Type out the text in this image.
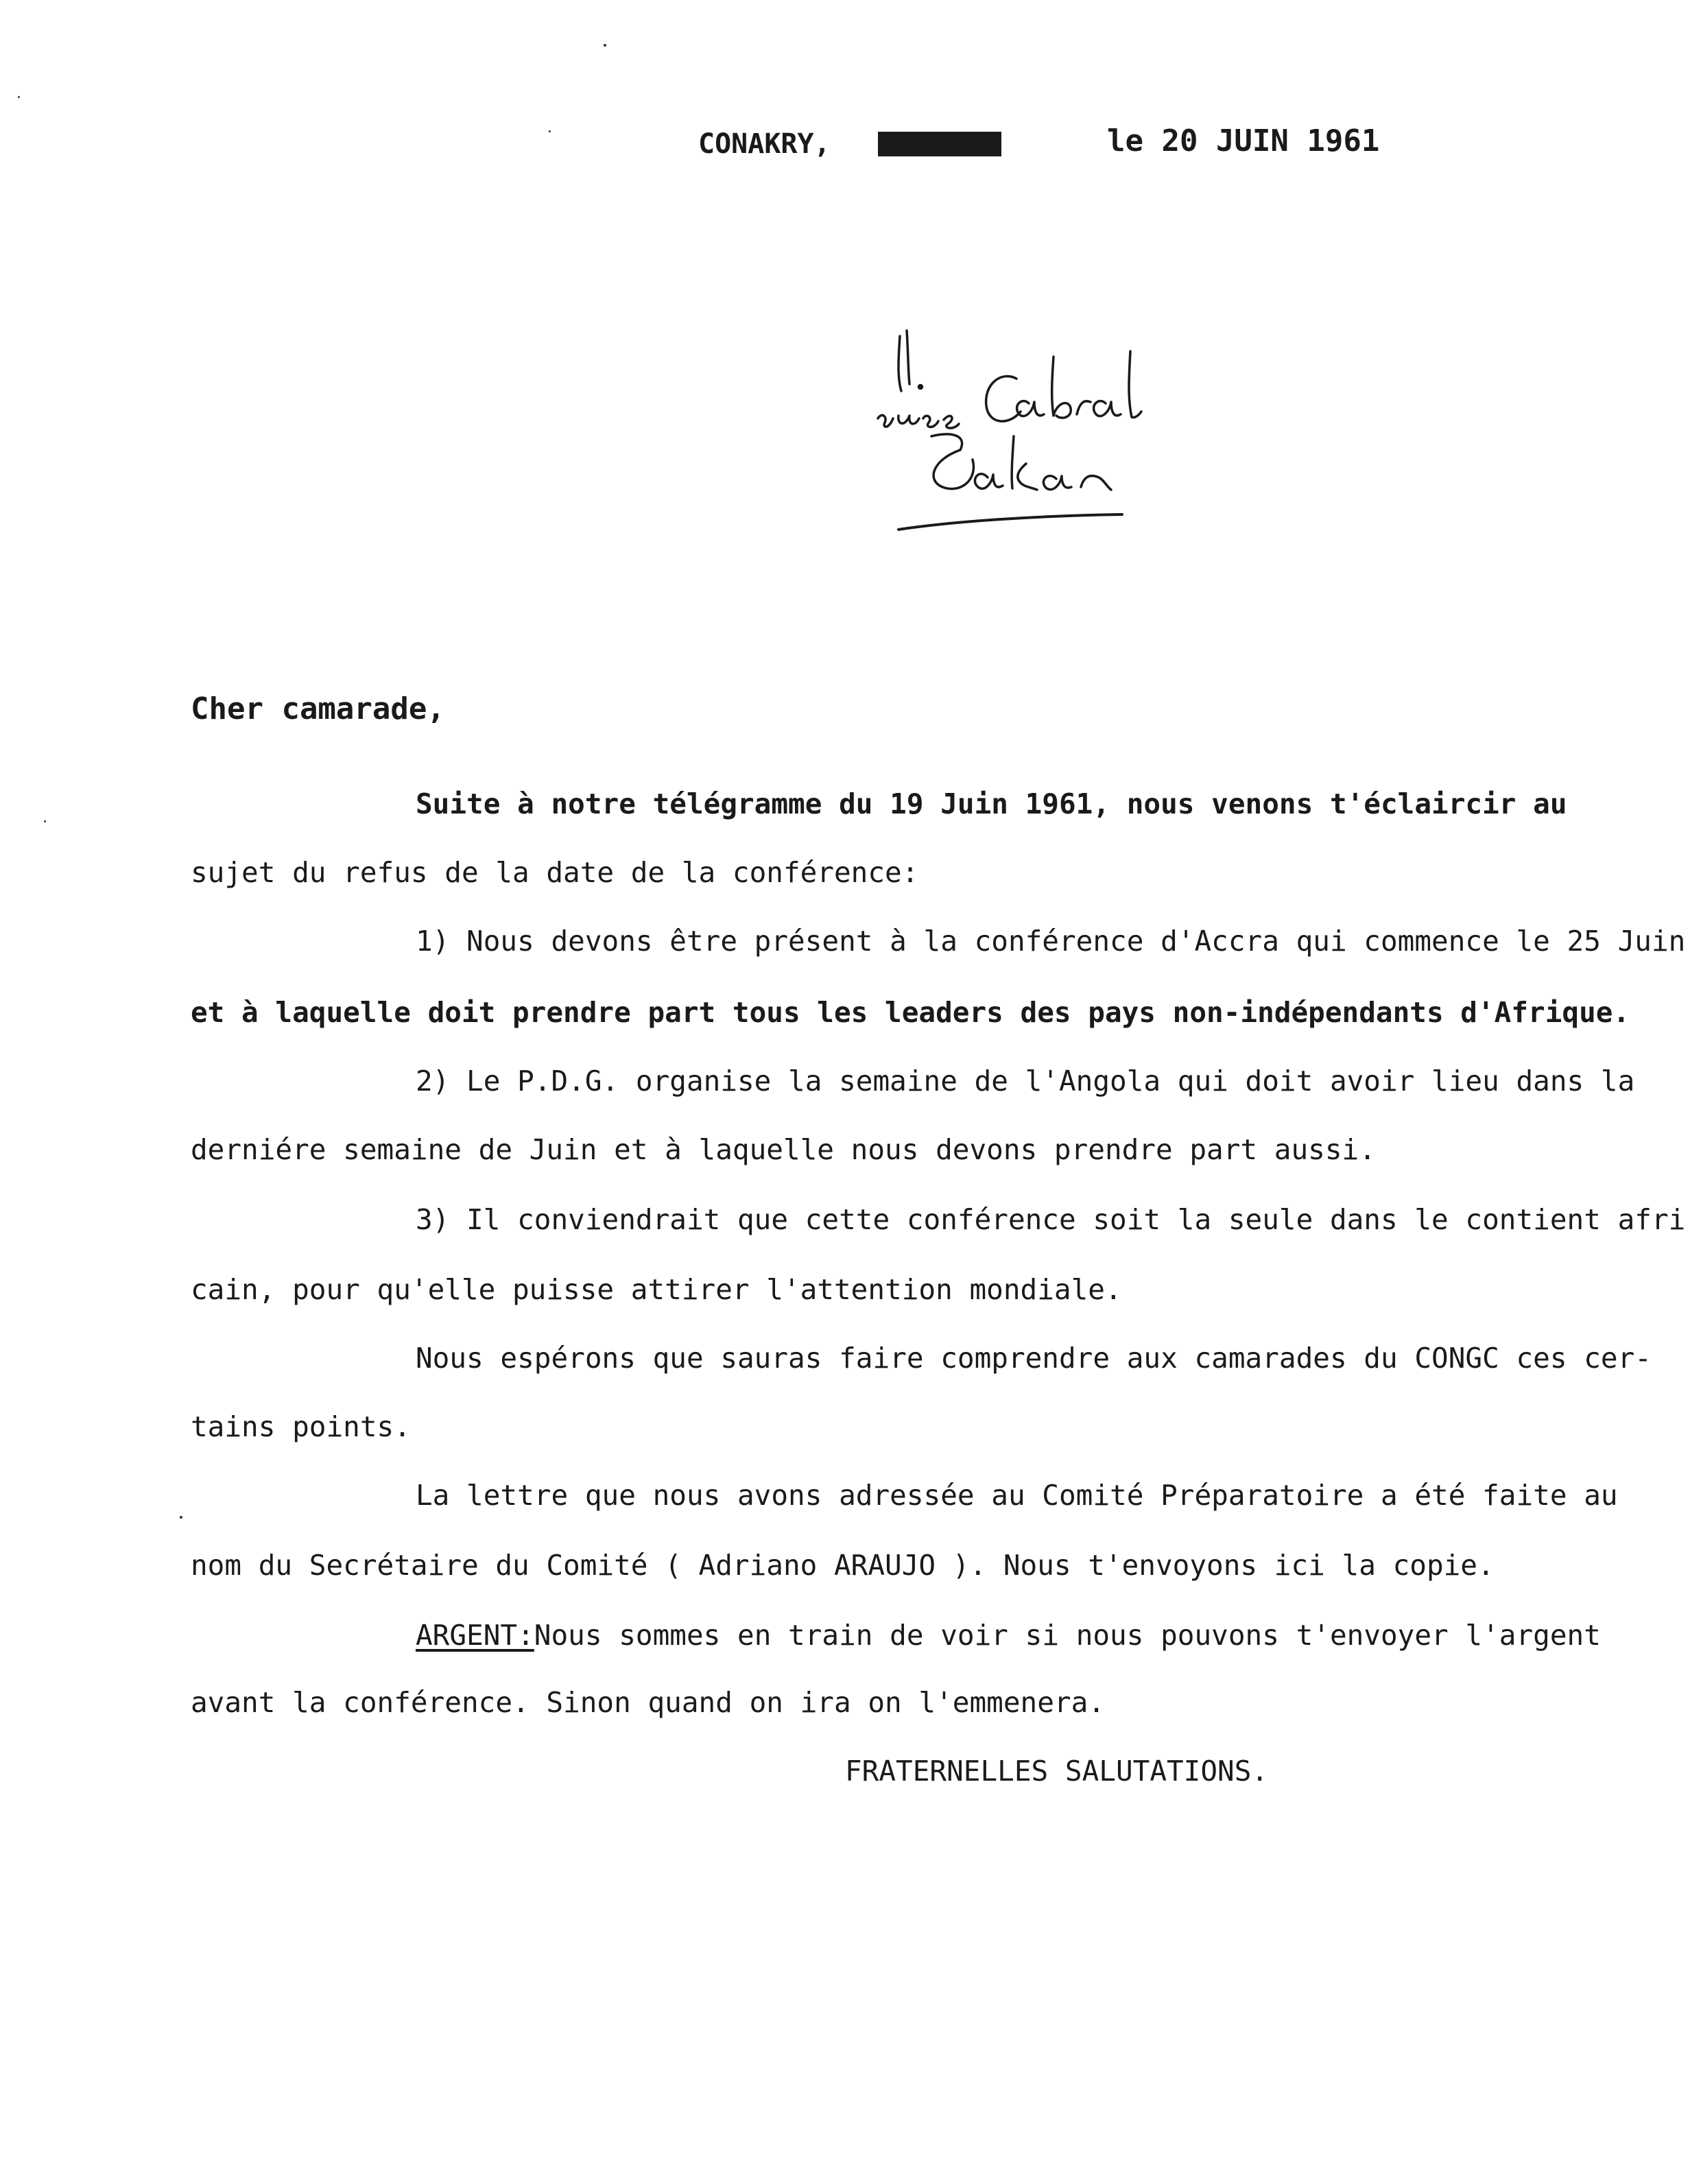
CONAKRY,	le 20 JUIN 1961
Cher camarade,
Suite à notre télégramme du 19 Juin 1961, nous venons t'éclaircir au
sujet du refus de la date de la conférence:
1) Nous devons être présent à la conférence d'Accra qui commence le 25 Juin
et à laquelle doit prendre part tous les leaders des pays non-indépendants d'Afrique.
2) Le P.D.G. organise la semaine de l'Angola qui doit avoir lieu dans la
derniére semaine de Juin et à laquelle nous devons prendre part aussi.
3) Il conviendrait que cette conférence soit la seule dans le contient afri
cain, pour qu'elle puisse attirer l'attention mondiale.
Nous espérons que sauras faire comprendre aux camarades du CONGC ces cer-
tains points.
La lettre que nous avons adressée au Comité Préparatoire a été faite au
nom du Secrétaire du Comité ( Adriano ARAUJO ). Nous t'envoyons ici la copie.
ARGENT:Nous sommes en train de voir si nous pouvons t'envoyer l'argent
avant la conférence. Sinon quand on ira on l'emmenera.
FRATERNELLES SALUTATIONS.
